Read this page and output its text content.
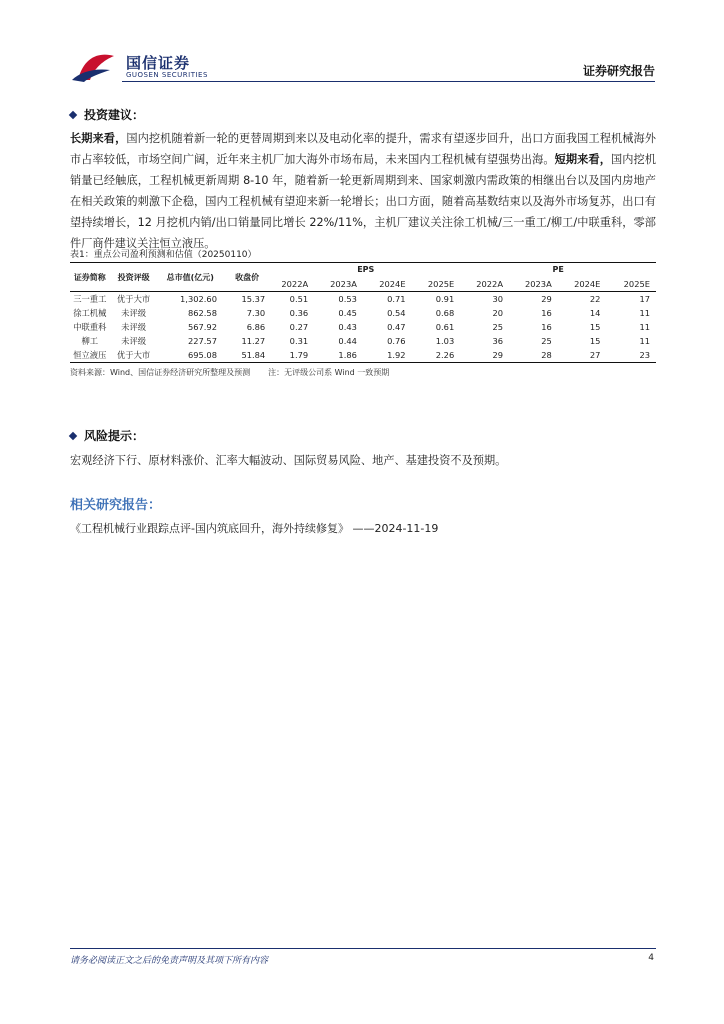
国信证券
GUOSEN SECURITIES	证券研究报告
投资建议：
长期来看，国内挖机随着新一轮的更替周期到来以及电动化率的提升，需求有望逐步回升，出口方面我国工程机械海外市占率较低，市场空间广阔，近年来主机厂加大海外市场布局，未来国内工程机械有望强势出海。短期来看，国内挖机销量已经触底，工程机械更新周期 8-10 年，随着新一轮更新周期到来、国家刺激内需政策的相继出台以及国内房地产在相关政策的刺激下企稳，国内工程机械有望迎来新一轮增长；出口方面，随着高基数结束以及海外市场复苏，出口有望持续增长，12 月挖机内销/出口销量同比增长 22%/11%，主机厂建议关注徐工机械/三一重工/柳工/中联重科，零部件厂商件建议关注恒立液压。
表1：重点公司盈利预测和估值（20250110）
证券简称	投资评级	总市值(亿元)	收盘价	EPS				PE			
				2022A	2023A	2024E	2025E	2022A	2023A	2024E	2025E
三一重工	优于大市	1,302.60	15.37	0.51	0.53	0.71	0.91	30	29	22	17
徐工机械	未评级	862.58	7.30	0.36	0.45	0.54	0.68	20	16	14	11
中联重科	未评级	567.92	6.86	0.27	0.43	0.47	0.61	25	16	15	11
柳工	未评级	227.57	11.27	0.31	0.44	0.76	1.03	36	25	15	11
恒立液压	优于大市	695.08	51.84	1.79	1.86	1.92	2.26	29	28	27	23
资料来源：Wind、国信证券经济研究所整理及预测 注：无评级公司系 Wind 一致预期
风险提示：
宏观经济下行、原材料涨价、汇率大幅波动、国际贸易风险、地产、基建投资不及预期。
相关研究报告：
《工程机械行业跟踪点评-国内筑底回升，海外持续修复》 ——2024-11-19
请务必阅读正文之后的免责声明及其项下所有内容	4
